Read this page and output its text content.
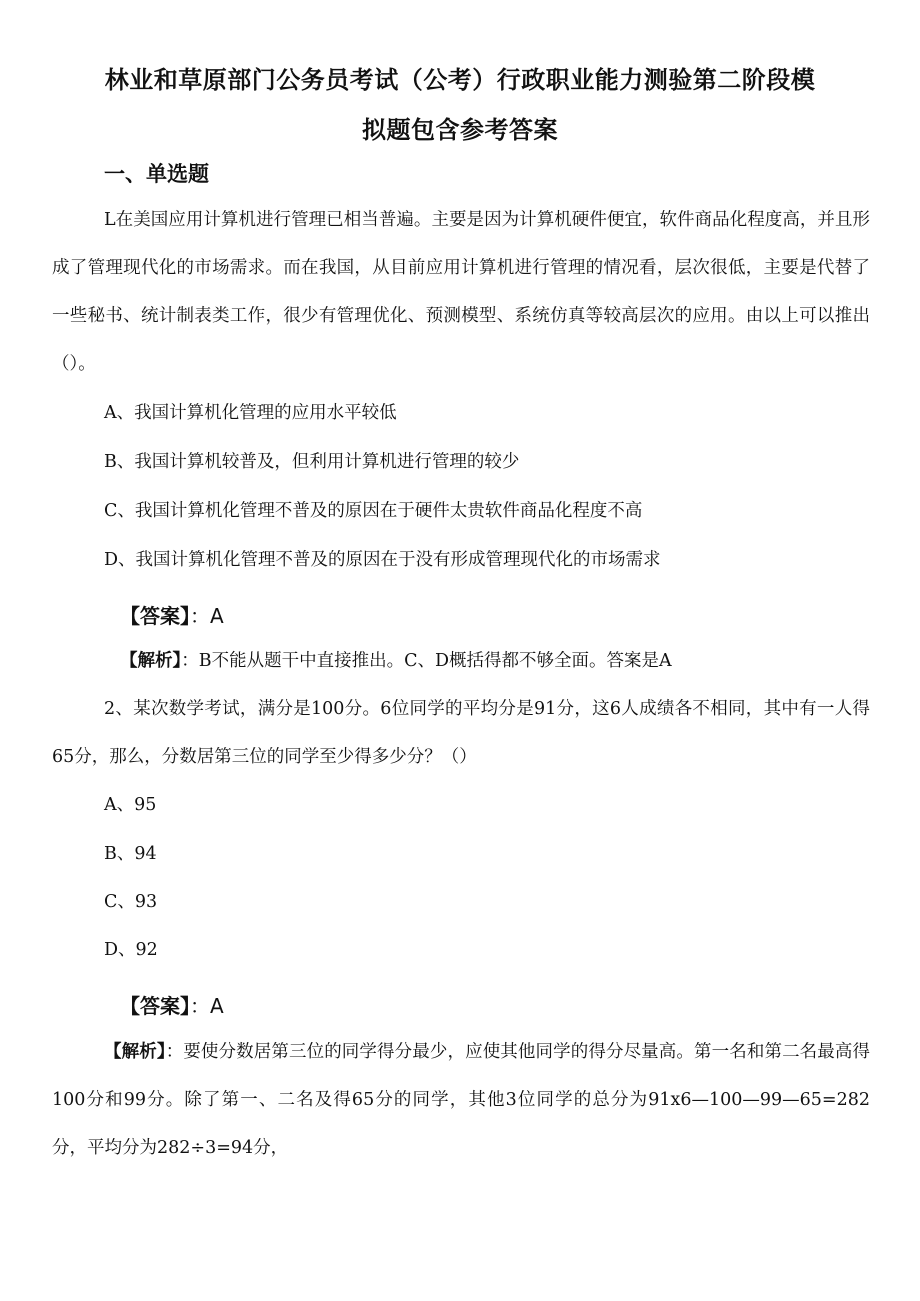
林业和草原部门公务员考试（公考）行政职业能力测验第二阶段模
拟题包含参考答案
一、单选题

L在美国应用计算机进行管理已相当普遍。主要是因为计算机硬件便宜，软件商品化程度高，并且形成了管理现代化的市场需求。而在我国，从目前应用计算机进行管理的情况看，层次很低，主要是代替了一些秘书、统计制表类工作，很少有管理优化、预测模型、系统仿真等较高层次的应用。由以上可以推出（）。

A、我国计算机化管理的应用水平较低

B、我国计算机较普及，但利用计算机进行管理的较少

C、我国计算机化管理不普及的原因在于硬件太贵软件商品化程度不高

D、我国计算机化管理不普及的原因在于没有形成管理现代化的市场需求

【答案】：A

【解析】：B不能从题干中直接推出。C、D概括得都不够全面。答案是A

2、某次数学考试，满分是100分。6位同学的平均分是91分，这6人成绩各不相同，其中有一人得65分，那么，分数居第三位的同学至少得多少分？（）

A、95

B、94

C、93

D、92

【答案】：A

【解析】：要使分数居第三位的同学得分最少，应使其他同学的得分尽量高。第一名和第二名最高得100分和99分。除了第一、二名及得65分的同学，其他3位同学的总分为91x6—100—99—65=282分，平均分为282÷3=94分，
